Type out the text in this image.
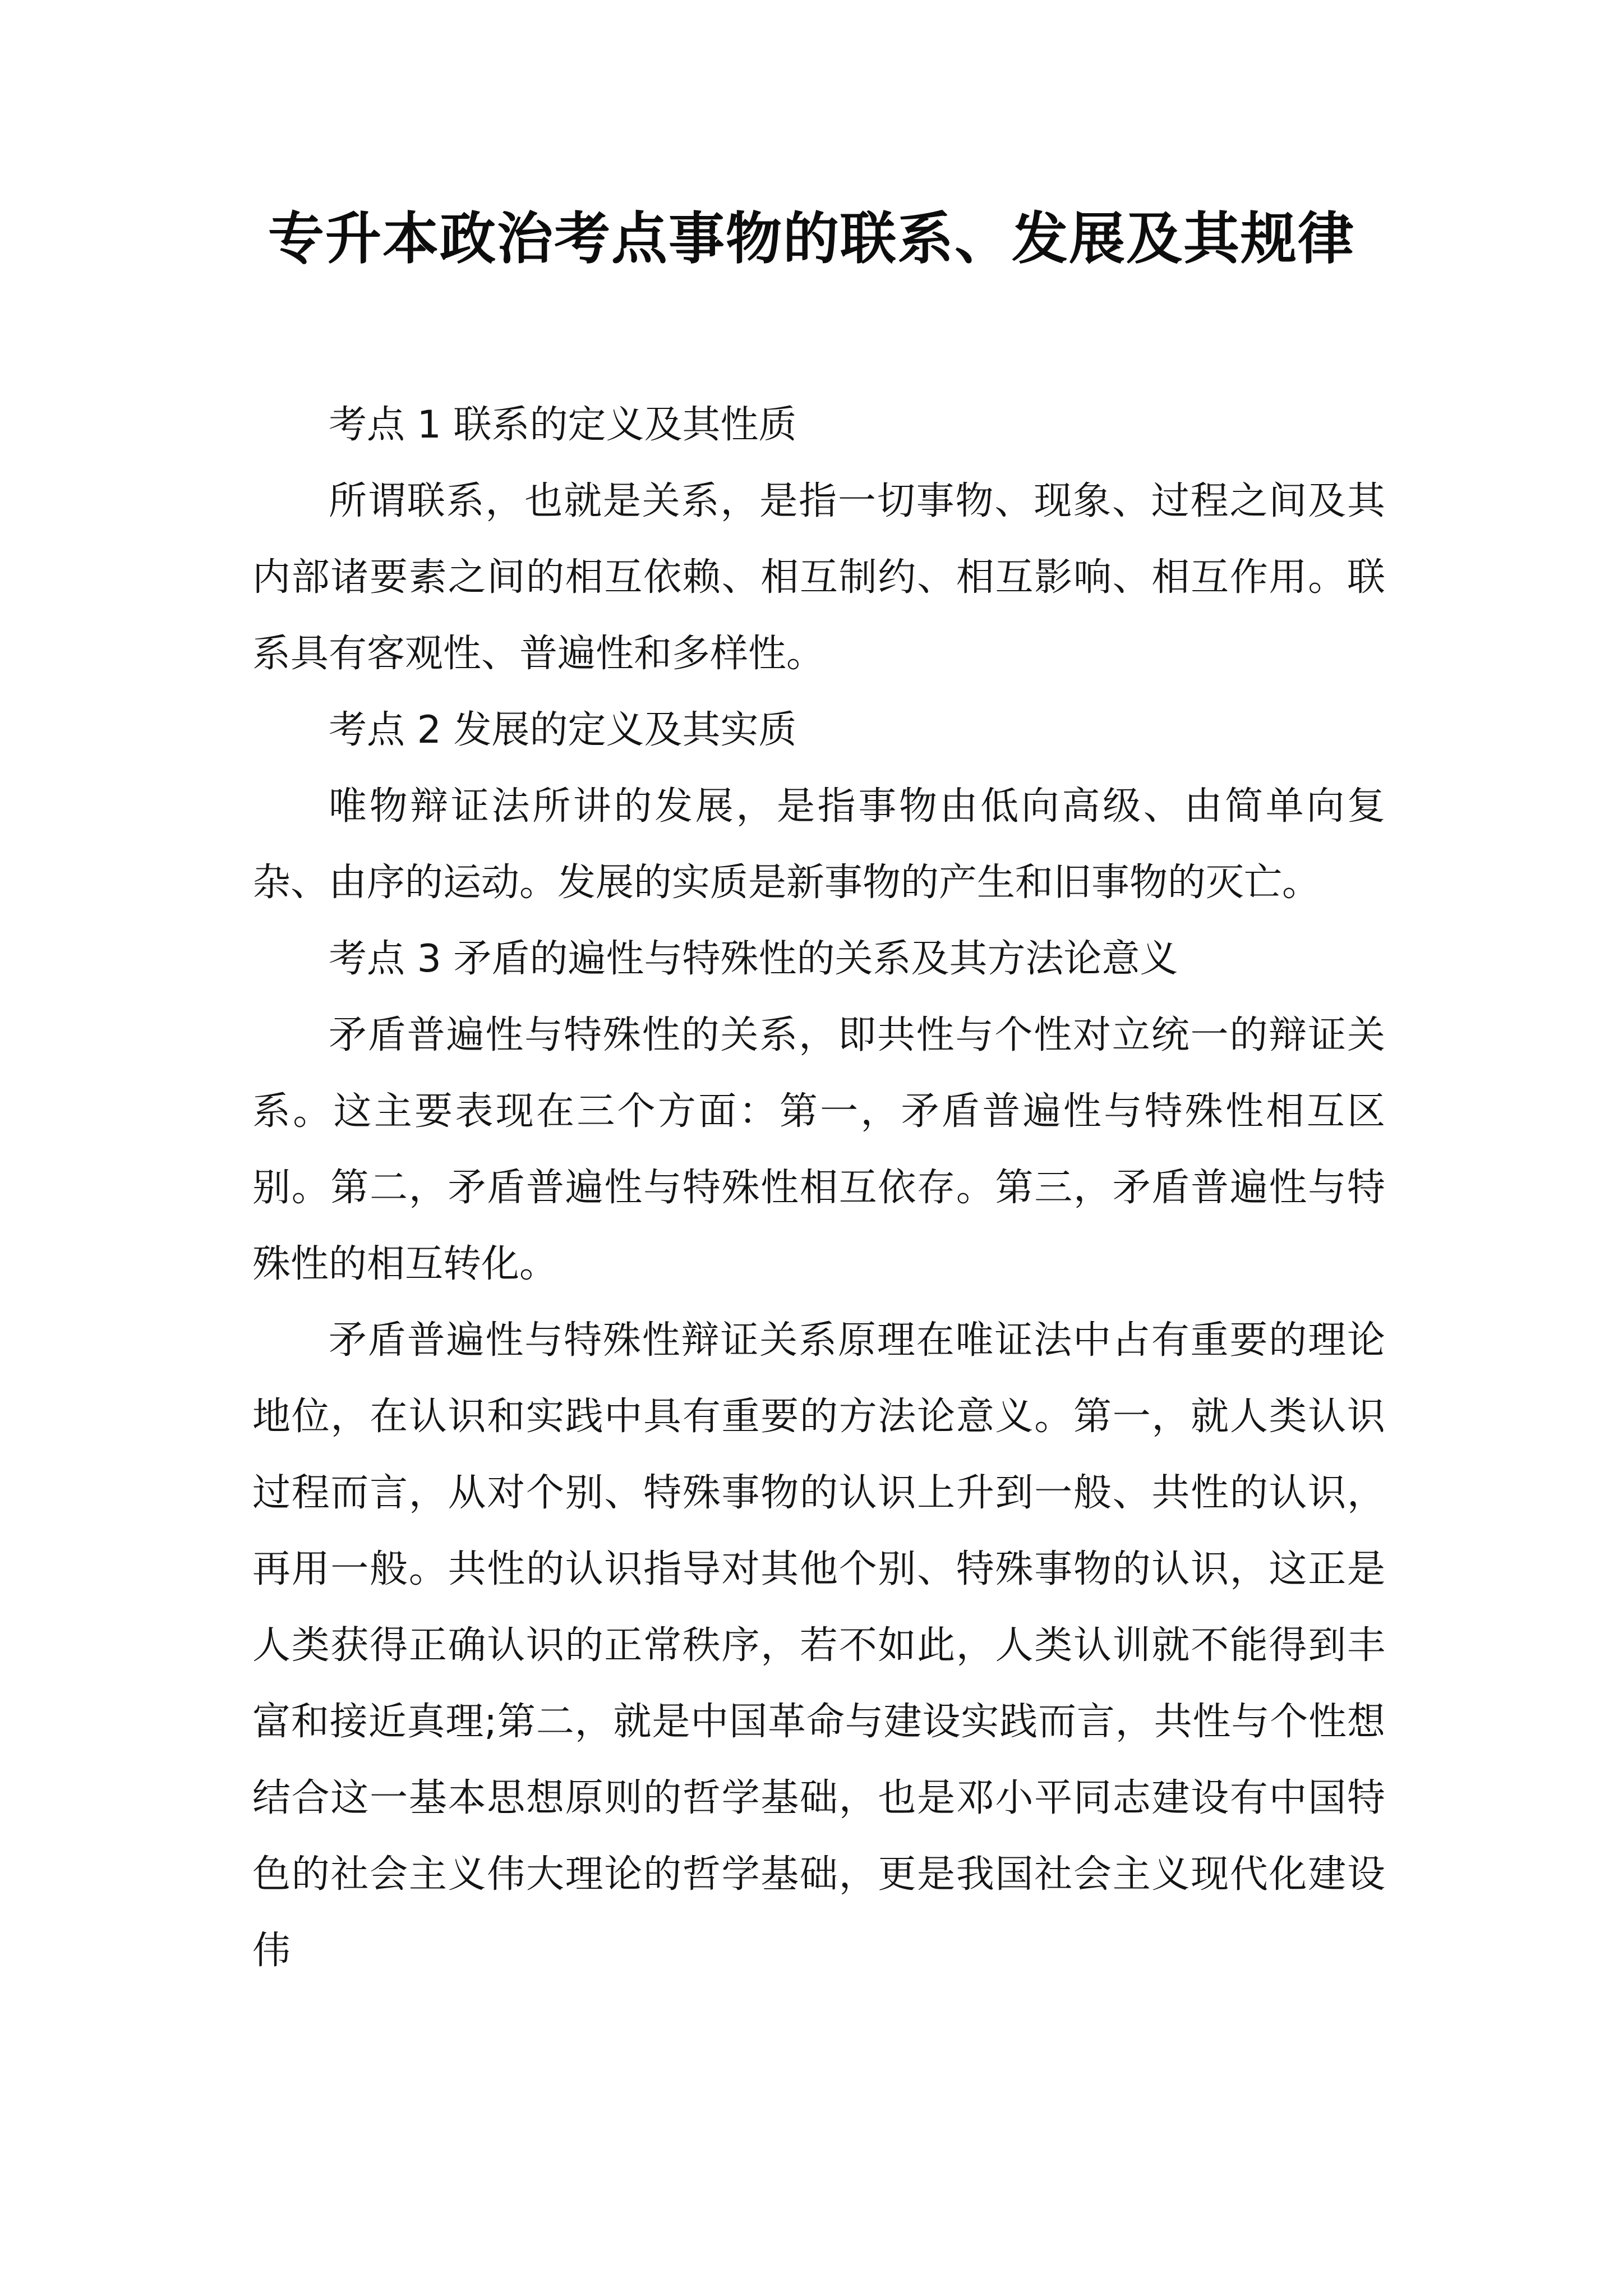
专升本政治考点事物的联系、发展及其规律

考点 1 联系的定义及其性质

所谓联系，也就是关系，是指一切事物、现象、过程之间及其内部诸要素之间的相互依赖、相互制约、相互影响、相互作用。联系具有客观性、普遍性和多样性。

考点 2 发展的定义及其实质

唯物辩证法所讲的发展，是指事物由低向高级、由简单向复杂、由序的运动。发展的实质是新事物的产生和旧事物的灭亡。

考点 3 矛盾的遍性与特殊性的关系及其方法论意义

矛盾普遍性与特殊性的关系，即共性与个性对立统一的辩证关系。这主要表现在三个方面：第一，矛盾普遍性与特殊性相互区别。第二，矛盾普遍性与特殊性相互依存。第三，矛盾普遍性与特殊性的相互转化。

矛盾普遍性与特殊性辩证关系原理在唯证法中占有重要的理论地位，在认识和实践中具有重要的方法论意义。第一，就人类认识过程而言，从对个别、特殊事物的认识上升到一般、共性的认识，再用一般。共性的认识指导对其他个别、特殊事物的认识，这正是人类获得正确认识的正常秩序，若不如此，人类认训就不能得到丰富和接近真理;第二，就是中国革命与建设实践而言，共性与个性想结合这一基本思想原则的哲学基础，也是邓小平同志建设有中国特色的社会主义伟大理论的哲学基础，更是我国社会主义现代化建设伟
